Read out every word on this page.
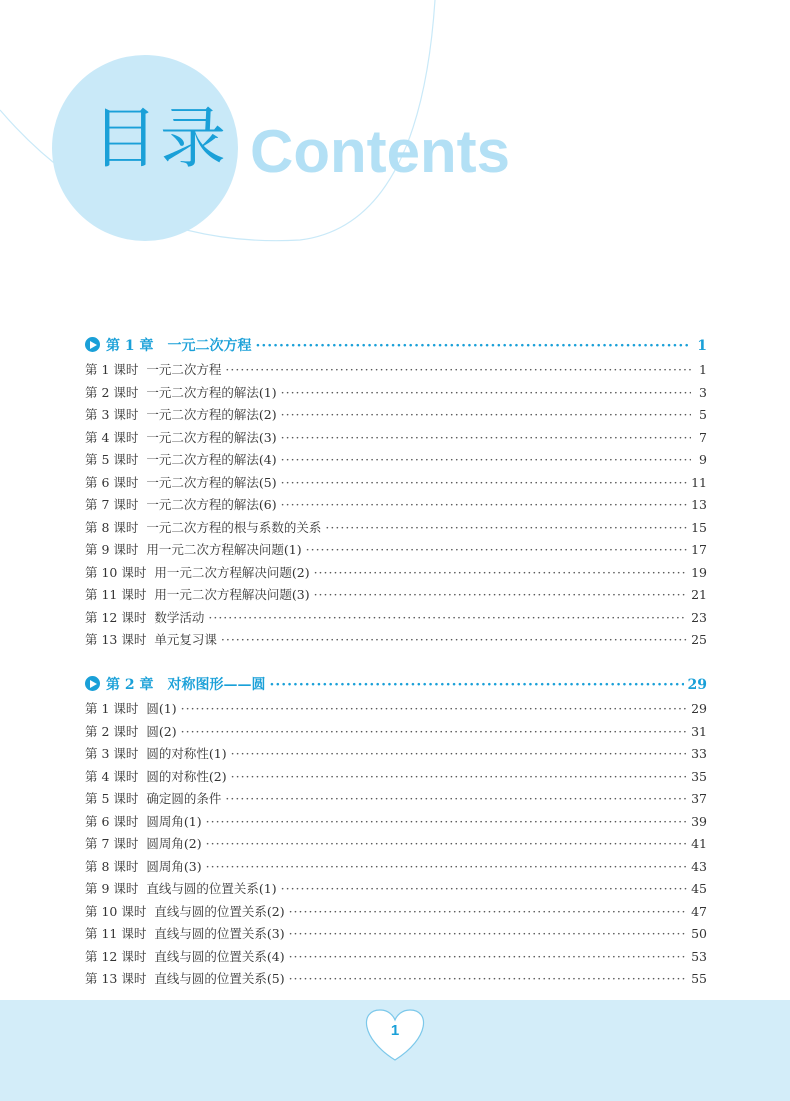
目录 Contents
第 1 章 一元二次方程 ·····	1
第 1 课时 一元二次方程 ·····	1
第 2 课时 一元二次方程的解法(1) ·····	3
第 3 课时 一元二次方程的解法(2) ·····	5
第 4 课时 一元二次方程的解法(3) ·····	7
第 5 课时 一元二次方程的解法(4) ·····	9
第 6 课时 一元二次方程的解法(5) ·····	11
第 7 课时 一元二次方程的解法(6) ·····	13
第 8 课时 一元二次方程的根与系数的关系 ·····	15
第 9 课时 用一元二次方程解决问题(1) ·····	17
第 10 课时 用一元二次方程解决问题(2) ·····	19
第 11 课时 用一元二次方程解决问题(3) ·····	21
第 12 课时 数学活动 ·····	23
第 13 课时 单元复习课 ·····	25
第 2 章 对称图形——圆 ·····	29
第 1 课时 圆(1) ·····	29
第 2 课时 圆(2) ·····	31
第 3 课时 圆的对称性(1) ·····	33
第 4 课时 圆的对称性(2) ·····	35
第 5 课时 确定圆的条件 ·····	37
第 6 课时 圆周角(1) ·····	39
第 7 课时 圆周角(2) ·····	41
第 8 课时 圆周角(3) ·····	43
第 9 课时 直线与圆的位置关系(1) ·····	45
第 10 课时 直线与圆的位置关系(2) ·····	47
第 11 课时 直线与圆的位置关系(3) ·····	50
第 12 课时 直线与圆的位置关系(4) ·····	53
第 13 课时 直线与圆的位置关系(5) ·····	55
1
